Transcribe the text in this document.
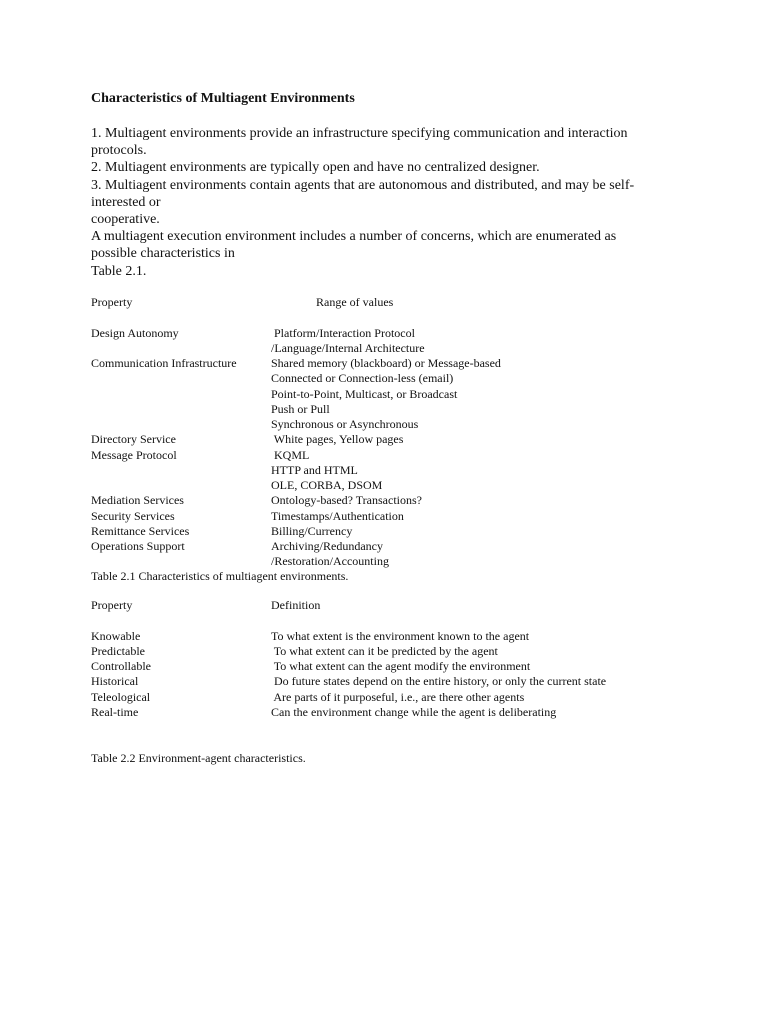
Characteristics of Multiagent Environments
1. Multiagent environments provide an infrastructure specifying communication and interaction
protocols.
2. Multiagent environments are typically open and have no centralized designer.
3. Multiagent environments contain agents that are autonomous and distributed, and may be self-
interested or
cooperative.
A multiagent execution environment includes a number of concerns, which are enumerated as
possible characteristics in
Table 2.1.
Property	Range of values
Design Autonomy	Platform/Interaction Protocol
/Language/Internal Architecture
Communication Infrastructure	Shared memory (blackboard) or Message-based
Connected or Connection-less (email)
Point-to-Point, Multicast, or Broadcast
Push or Pull
Synchronous or Asynchronous
Directory Service	White pages, Yellow pages
Message Protocol	KQML
HTTP and HTML
OLE, CORBA, DSOM
Mediation Services	Ontology-based? Transactions?
Security Services	Timestamps/Authentication
Remittance Services	Billing/Currency
Operations Support	Archiving/Redundancy
/Restoration/Accounting
Table 2.1 Characteristics of multiagent environments.
Property	Definition
Knowable	To what extent is the environment known to the agent
Predictable	To what extent can it be predicted by the agent
Controllable	To what extent can the agent modify the environment
Historical	Do future states depend on the entire history, or only the current state
Teleological	Are parts of it purposeful, i.e., are there other agents
Real-time	Can the environment change while the agent is deliberating
Table 2.2 Environment-agent characteristics.
